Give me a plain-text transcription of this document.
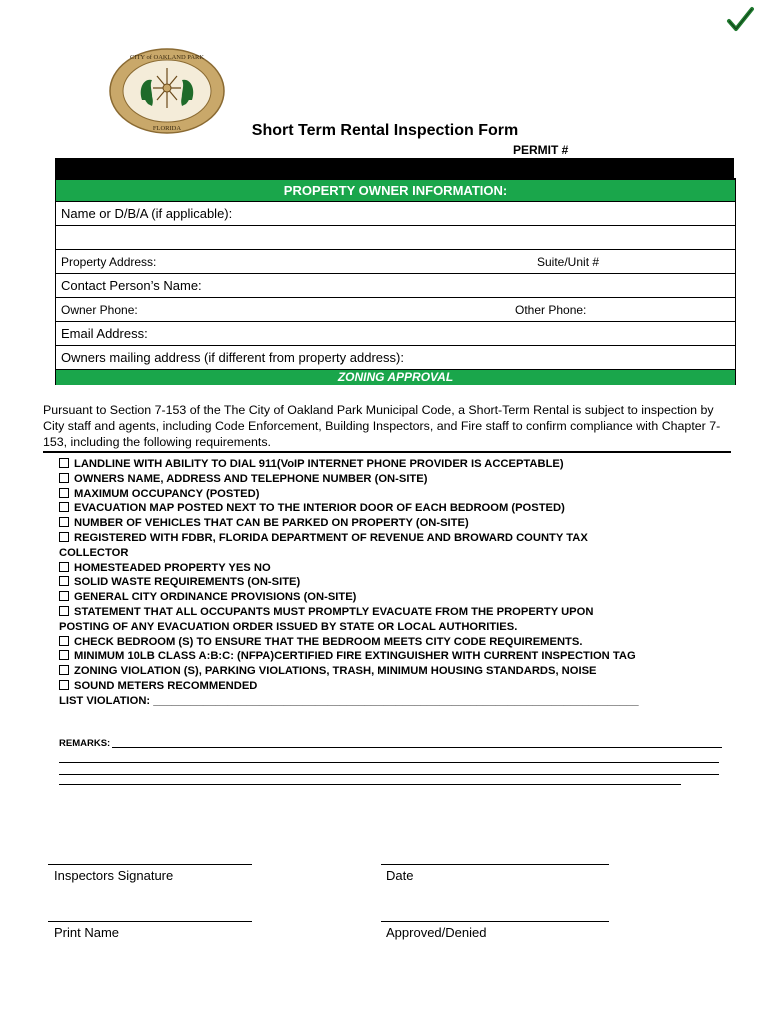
CITY of OAKLAND PARK
FLORIDA	Short Term Rental Inspection Form
PERMIT #
PROPERTY OWNER INFORMATION:
Name or D/B/A (if applicable):
Property Address:	Suite/Unit #
Contact Person’s Name:
Owner Phone:	Other Phone:
Email Address:
Owners mailing address (if different from property address):
ZONING APPROVAL
Pursuant to Section 7-153 of the The City of Oakland Park Municipal Code, a Short-Term Rental is subject to inspection by City staff and agents, including Code Enforcement, Building Inspectors, and Fire staff to confirm compliance with Chapter 7-153, including the following requirements.
LANDLINE WITH ABILITY TO DIAL 911(VoIP INTERNET PHONE PROVIDER IS ACCEPTABLE)
OWNERS NAME, ADDRESS AND TELEPHONE NUMBER (ON-SITE)
MAXIMUM OCCUPANCY (POSTED)
EVACUATION MAP POSTED NEXT TO THE INTERIOR DOOR OF EACH BEDROOM (POSTED)
NUMBER OF VEHICLES THAT CAN BE PARKED ON PROPERTY (ON-SITE)
REGISTERED WITH FDBR, FLORIDA DEPARTMENT OF REVENUE AND BROWARD COUNTY TAX
COLLECTOR
HOMESTEADED PROPERTY YES NO
SOLID WASTE REQUIREMENTS (ON-SITE)
GENERAL CITY ORDINANCE PROVISIONS (ON-SITE)
STATEMENT THAT ALL OCCUPANTS MUST PROMPTLY EVACUATE FROM THE PROPERTY UPON
POSTING OF ANY EVACUATION ORDER ISSUED BY STATE OR LOCAL AUTHORITIES.
CHECK BEDROOM (S) TO ENSURE THAT THE BEDROOM MEETS CITY CODE REQUIREMENTS.
MINIMUM 10LB CLASS A:B:C: (NFPA)CERTIFIED FIRE EXTINGUISHER WITH CURRENT INSPECTION TAG
ZONING VIOLATION (S), PARKING VIOLATIONS, TRASH, MINIMUM HOUSING STANDARDS, NOISE
SOUND METERS RECOMMENDED
LIST VIOLATION: ______________________________________________________________________________
REMARKS:
Inspectors Signature	Date
Print Name	Approved/Denied
